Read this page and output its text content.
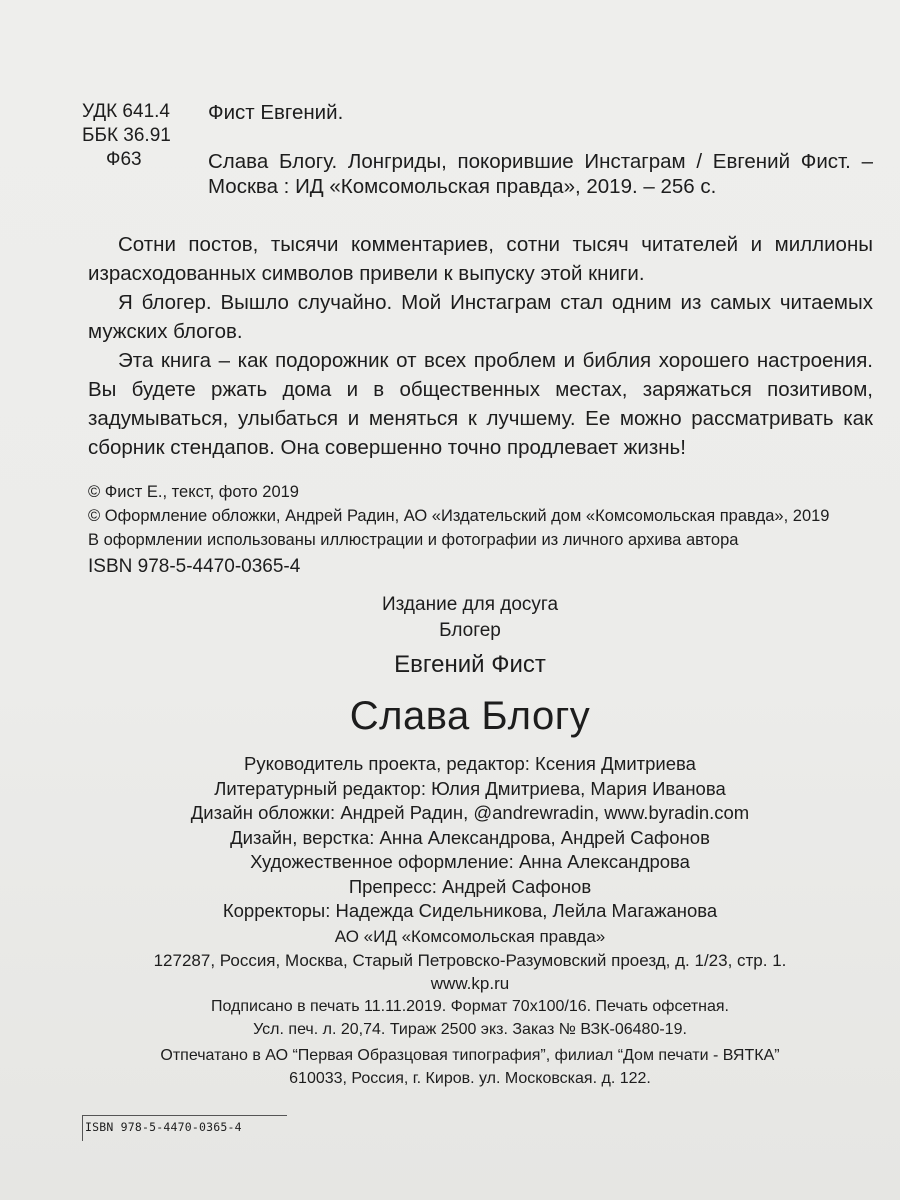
УДК 641.4
ББК 36.91
Ф63
Фист Евгений.
Слава Блогу. Лонгриды, покорившие Инстаграм / Евгений Фист. – Москва : ИД «Комсомольская правда», 2019. – 256 с.

Сотни постов, тысячи комментариев, сотни тысяч читателей и миллионы израсходованных символов привели к выпуску этой книги.

Я блогер. Вышло случайно. Мой Инстаграм стал одним из самых читаемых мужских блогов.

Эта книга – как подорожник от всех проблем и библия хорошего настроения. Вы будете ржать дома и в общественных местах, заряжаться позитивом, задумываться, улыбаться и меняться к лучшему. Ее можно рассматривать как сборник стендапов. Она совершенно точно продлевает жизнь!

© Фист Е., текст, фото 2019
© Оформление обложки, Андрей Радин, АО «Издательский дом «Комсомольская правда», 2019
В оформлении использованы иллюстрации и фотографии из личного архива автора
ISBN 978-5-4470-0365-4
Издание для досуга
Блогер
Евгений Фист
Слава Блогу
Руководитель проекта, редактор: Ксения Дмитриева
Литературный редактор: Юлия Дмитриева, Мария Иванова
Дизайн обложки: Андрей Радин, @andrewradin, www.byradin.com
Дизайн, верстка: Анна Александрова, Андрей Сафонов
Художественное оформление: Анна Александрова
Препресс: Андрей Сафонов
Корректоры: Надежда Сидельникова, Лейла Магажанова
АО «ИД «Комсомольская правда»
127287, Россия, Москва, Старый Петровско-Разумовский проезд, д. 1/23, стр. 1.
www.kp.ru
Подписано в печать 11.11.2019. Формат 70х100/16. Печать офсетная.
Усл. печ. л. 20,74. Тираж 2500 экз. Заказ № ВЗК-06480-19.
Отпечатано в АО “Первая Образцовая типография”, филиал “Дом печати - ВЯТКА”
610033, Россия, г. Киров. ул. Московская. д. 122.
ISBN 978-5-4470-0365-4
